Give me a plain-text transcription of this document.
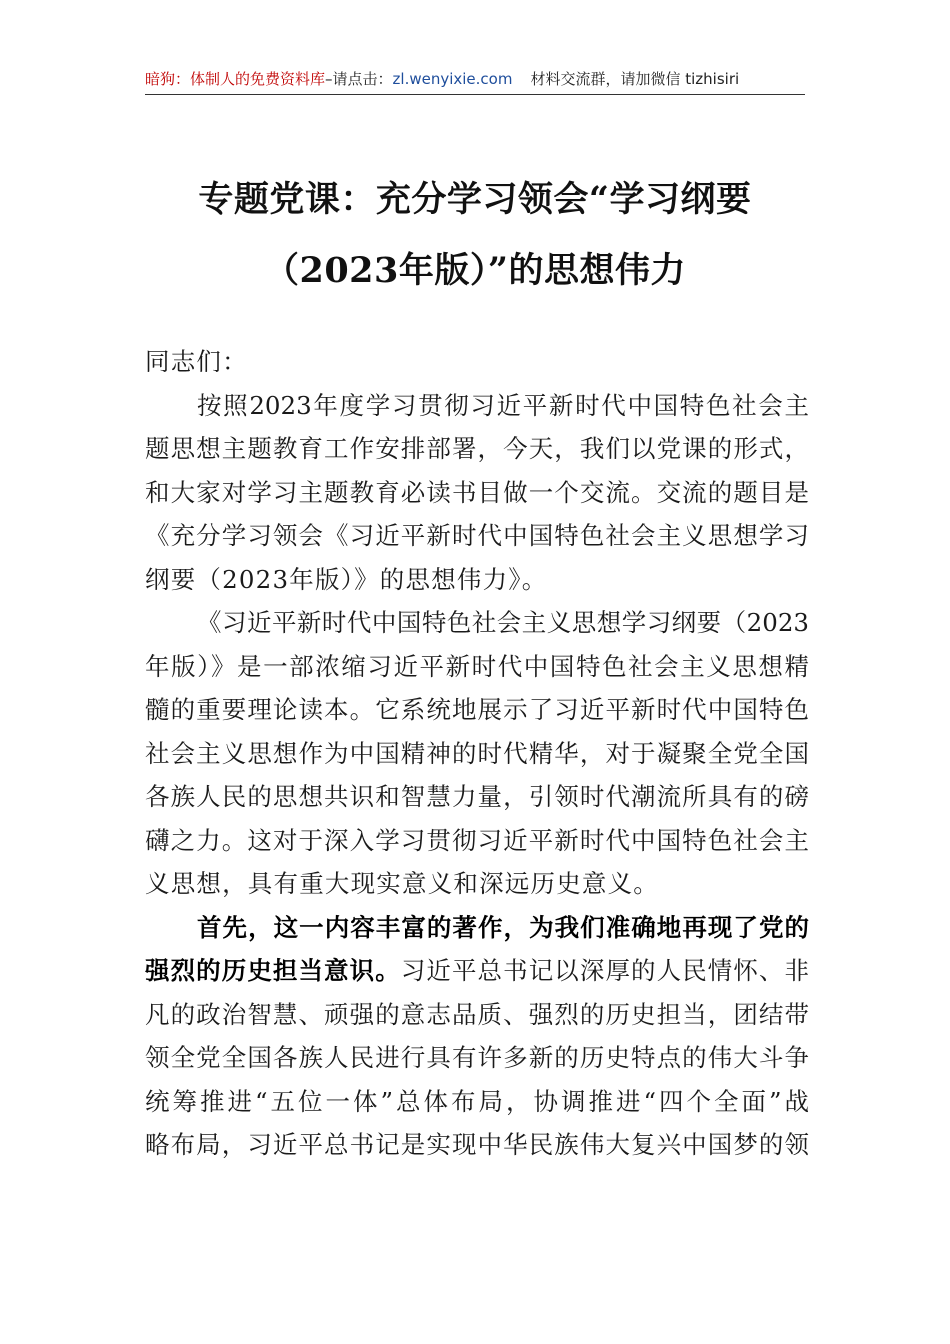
暗狗：体制人的免费资料库–请点击：zl.wenyixie.com 材料交流群，请加微信 tizhisiri
专题党课：充分学习领会“学习纲要
（2023年版）”的思想伟力
同志们：
按照2023年度学习贯彻习近平新时代中国特色社会主
题思想主题教育工作安排部署，今天，我们以党课的形式，
和大家对学习主题教育必读书目做一个交流。交流的题目是
《充分学习领会《习近平新时代中国特色社会主义思想学习
纲要（2023年版）》的思想伟力》。
《习近平新时代中国特色社会主义思想学习纲要（2023
年版）》是一部浓缩习近平新时代中国特色社会主义思想精
髓的重要理论读本。它系统地展示了习近平新时代中国特色
社会主义思想作为中国精神的时代精华，对于凝聚全党全国
各族人民的思想共识和智慧力量，引领时代潮流所具有的磅
礴之力。这对于深入学习贯彻习近平新时代中国特色社会主
义思想，具有重大现实意义和深远历史意义。
首先，这一内容丰富的著作，为我们准确地再现了党的
强烈的历史担当意识。习近平总书记以深厚的人民情怀、非
凡的政治智慧、顽强的意志品质、强烈的历史担当，团结带
领全党全国各族人民进行具有许多新的历史特点的伟大斗争
统筹推进“五位一体”总体布局，协调推进“四个全面”战
略布局，习近平总书记是实现中华民族伟大复兴中国梦的领
